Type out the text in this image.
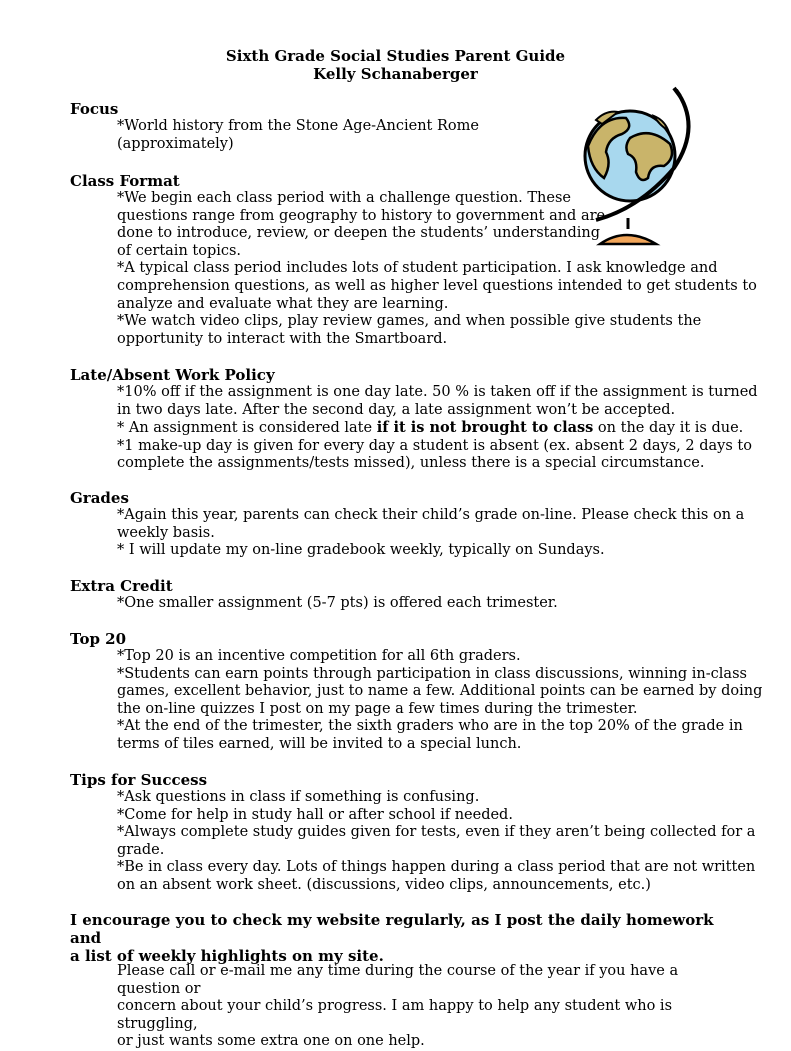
Sixth Grade Social Studies Parent Guide
Kelly Schanaberger
Focus

*World history from the Stone Age-Ancient Rome

(approximately)

Class Format

*We begin each class period with a challenge question. These

questions range from geography to history to government and are

done to introduce, review, or deepen the students’ understanding

of certain topics.

*A typical class period includes lots of student participation. I ask knowledge and

comprehension questions, as well as higher level questions intended to get students to

analyze and evaluate what they are learning.

*We watch video clips, play review games, and when possible give students the

opportunity to interact with the Smartboard.

Late/Absent Work Policy

*10% off if the assignment is one day late. 50 % is taken off if the assignment is turned

in two days late. After the second day, a late assignment won’t be accepted.

* An assignment is considered late if it is not brought to class on the day it is due.

*1 make-up day is given for every day a student is absent (ex. absent 2 days, 2 days to

complete the assignments/tests missed), unless there is a special circumstance.

Grades

*Again this year, parents can check their child’s grade on-line. Please check this on a

weekly basis.

* I will update my on-line gradebook weekly, typically on Sundays.

Extra Credit

*One smaller assignment (5-7 pts) is offered each trimester.

Top 20

*Top 20 is an incentive competition for all 6th graders.

*Students can earn points through participation in class discussions, winning in-class

games, excellent behavior, just to name a few. Additional points can be earned by doing

the on-line quizzes I post on my page a few times during the trimester.

*At the end of the trimester, the sixth graders who are in the top 20% of the grade in

terms of tiles earned, will be invited to a special lunch.

Tips for Success

*Ask questions in class if something is confusing.

*Come for help in study hall or after school if needed.

*Always complete study guides given for tests, even if they aren’t being collected for a

grade.

*Be in class every day. Lots of things happen during a class period that are not written

on an absent work sheet. (discussions, video clips, announcements, etc.)

I encourage you to check my website regularly, as I post the daily homework and
a list of weekly highlights on my site.
Please call or e-mail me any time during the course of the year if you have a question or
concern about your child’s progress. I am happy to help any student who is struggling,
or just wants some extra one on one help.
